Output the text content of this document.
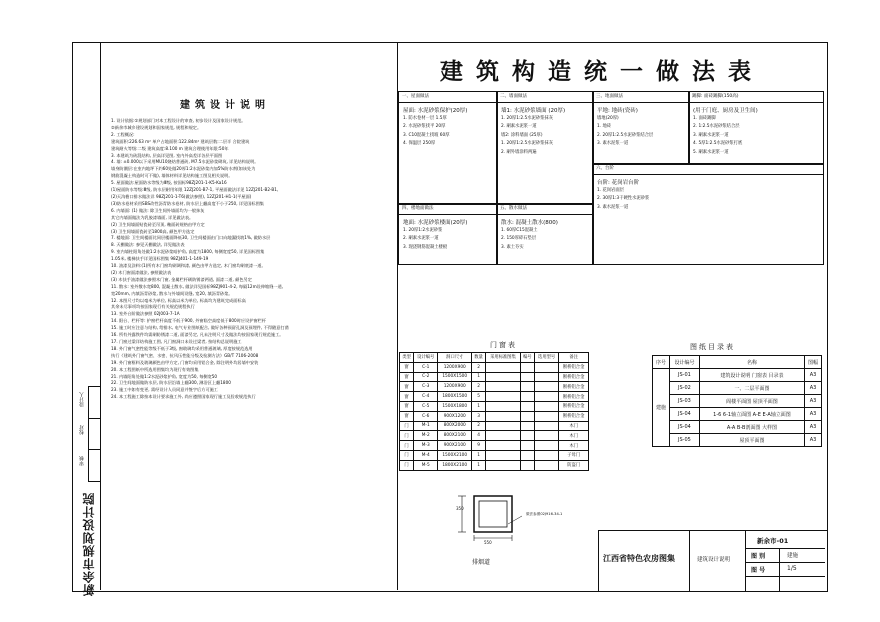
新余市规划设计院
设计人
校对
审核
建筑设计说明
1. 设计依据:①规划部门对本工程设计的审查, 初步设计及国家设计规范。
②新余市城乡建设规划和国家规范, 规程和规定。
2. 工程概况:
建筑面积:226.63 m² 单户占地面积:122.84m² 建筑层数:二层半 合院建筑
建筑耐火等级:二级 建筑高度:8.100 m 建筑合理使用年限:50年
3. 本建筑为砖混结构, 层高详见图, 室内外高差详各层平面图
4. 墙: ±0.000以下采用MU10烧结普通砖, M7.5水泥砂浆砌筑, 详见结构说明。
墙身防潮层:在室内地坪下约60处做20厚1:2水泥砂浆内加5%防水剂(如该处为
钢筋混凝土构造时可不做), 墙体材料详见结构施工图及相关说明。
5. 屋面做法:屋面防水等级为Ⅲ级, 按国标98ZJ201-1-K5-Ka16
(1)屋面防水等级:Ⅲ级, 防水层耐用年限 12ZJ201-B7-1, 平屋面做法详见 12ZJ201-B2-B1,
(2)天沟檐口排水做法详 98ZJ201-1-T6(做法参照), 12ZJ201-H1-1(平屋面)
(3)防水卷材采用SBS改性沥青防水卷材, 防水层上翻高度不小于250, 详见国标图集
6. 内墙面: (1) 做法: 除卫生间外墙面均为一般抹灰
其它内墙面做法为乳胶漆墙面, 详见做法表。
(2) 卫生间墙面贴瓷砖至吊顶, 釉面砖规格由甲方定
(3) 卫生间墙面瓷砖至1800高, 颜色甲方选定
7. 楼地面: 卫生间楼面比同层楼面降低30, 卫生间楼面由门口向地漏找坡1%, 做防水层
8. 天棚做法: 参见天棚做法, 详见做法表
9. 室内墙柱阳角处做1:2水泥砂浆暗护角, 高度为1800, 每侧宽度50, 详见国标图集
1.05米, 楼梯扶手详见国标图集 98ZJ401-1-149-19
10. 油漆及涂料:(1)所有木门窗均刷调和漆, 颜色由甲方选定, 木门窗均刷底漆一道。
(2) 木门窗面漆做法, 参照做法表
(3) 木扶手油漆做法参照木门窗, 金属栏杆刷防锈漆两道, 面漆二道, 颜色另定
11. 散水: 室外散水宽800, 混凝土散水, 做法详见国标98ZJ901-4-2, 每隔12m设伸缩缝一道,
宽20mm, 内填沥青砂浆, 散水与外墙间设缝, 宽20, 填沥青砂浆。
12. 本图尺寸均以毫米为单位, 标高以米为单位, 标高均为建筑完成面标高
其余未尽事项均按国家现行有关规范规程执行
13. 室外台阶做法参照 02J003-7-1A
14. 阳台、栏杆等: 护窗栏杆高度不低于900, 外窗临空高度低于800时应设护窗栏杆
15. 施工时应注意与结构, 给排水, 电气专业图纸配合, 做好各种预留孔洞及预埋件, 不得随意打凿
16. 所有外露铁件均需刷防锈漆二道, 面漆另定, 凡未注明尺寸及做法均按国家现行规范施工。
17. 门窗过梁详结构施工图, 凡门窗洞口未设过梁者, 按结构总说明施工
18. 外门窗气密性能等级不低于3级, 窗玻璃均采用普通玻璃, 厚度按规范选用
执行《建筑外门窗气密、水密、抗风压性能分级及检测方法》GB/T 7106-2008
19. 外门窗框料及玻璃颜色由甲方定, 门窗均采用铝合金, 除注明外均居墙中安装
20. 本工程图纸中所选用图集均为现行有效图集
21. 内墙阳角处做1:2水泥砂浆护角, 宽度为50, 每侧宽50
22. 卫生间地面做防水层, 防水层沿墙上翻300, 淋浴区上翻1800
23. 施工中如有变更, 需经设计人员同意并签字后方可施工
24. 本工程施工除按本设计要求施工外, 尚应遵照国家现行施工及验收规范执行
建筑构造统一做法表
一、屋面做法
屋面: 水泥砂浆保护(20厚)
1. 防水卷材一层 1.5厚
2. 水泥砂浆找平 20厚
3. C10混凝土找坡 60厚
4. 保温层 250厚
二、墙面做法
墙1: 水泥砂浆墙面 (20厚)
1. 20厚1:2.5水泥砂浆抹灰
2. 刷素水泥浆一道
墙2: 涂料墙面 (25厚)
1. 20厚1:2.5水泥砂浆抹灰
2. 刷外墙涂料两遍
三、地面做法
平地: 地砖(瓷砖)
墙地(20厚)
1. 地砖
2. 20厚1:2.5水泥砂浆结合层
3. 素水泥浆一道
踢脚: 面砖踢脚(150高)
(用于门庭、厨房及卫生间)
1. 面砖踢脚
2. 1:2.5水泥砂浆结合层
3. 刷素水泥浆一道
4. 5厚1:2.5水泥砂浆打底
5. 刷素水泥浆一道
四、楼地面做法
地面: 水泥砂浆楼面(20厚)
1. 20厚1:2水泥砂浆
2. 刷素水泥浆一道
3. 现浇钢筋混凝土楼板
五、散水做法
散水: 混凝土散水(800)
1. 60厚C15混凝土
2. 150厚碎石垫层
3. 素土夯实
六、台阶
台阶: 花岗岩台阶
1. 花岗岩面层
2. 30厚1:3干硬性水泥砂浆
3. 素水泥浆一道
门窗表
类型	设计编号	洞口尺寸	数量	采用标准图集	编号	选用型号	备注
窗	C-1	1200X900	2				断桥铝合金
窗	C-2	1500X1500	1				断桥铝合金
窗	C-3	1200X900	2				断桥铝合金
窗	C-4	1800X1500	5				断桥铝合金
窗	C-5	1500X1800	1				断桥铝合金
窗	C-6	900X1200	3				断桥铝合金
门	M-1	800X2000	2				木门
门	M-2	800X2100	4				木门
门	M-3	900X2100	9				木门
门	M-4	1500X2100	1				子母门
门	M-5	1800X2100	1				防盗门
图纸目录表
序号	设计编号	名称	图幅
建施	JS-01	建筑设计说明 门窗表 目录表	A3
	JS-02	一、二层平面图	A3
	JS-03	阁楼平面图 屋顶平面图	A3
	JS-04	1-6 6-1轴立面图 A-E E-A轴立面图	A3
	JS-04	A-A B-B剖面图 大样图	A3
	JS-05	屋顶平面图	A3
350
550
做法参照02J916-34-1
排烟道	江西省特色农房图集	建筑设计说明
新余市-01
图 别	建施
图 号	1/5
